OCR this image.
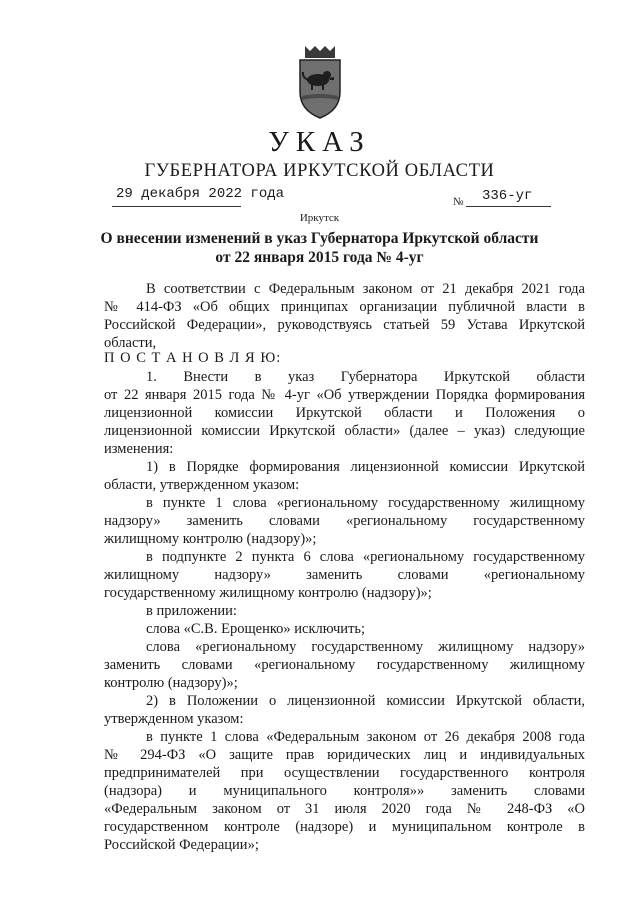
УКАЗ
ГУБЕРНАТОРА ИРКУТСКОЙ ОБЛАСТИ
29 декабря 2022 года	№ 336-уг
Иркутск
О внесении изменений в указ Губернатора Иркутской области
от 22 января 2015 года № 4-уг
В соответствии с Федеральным законом от 21 декабря 2021 года
№ 414-ФЗ «Об общих принципах организации публичной власти в
Российской Федерации», руководствуясь статьей 59 Устава Иркутской
области,
П О С Т А Н О В Л Я Ю:
1. Внести в указ Губернатора Иркутской области
от 22 января 2015 года № 4-уг «Об утверждении Порядка формирования
лицензионной комиссии Иркутской области и Положения о
лицензионной комиссии Иркутской области» (далее – указ) следующие
изменения:
1) в Порядке формирования лицензионной комиссии Иркутской
области, утвержденном указом:
в пункте 1 слова «региональному государственному жилищному
надзору» заменить словами «региональному государственному
жилищному контролю (надзору)»;
в подпункте 2 пункта 6 слова «региональному государственному
жилищному надзору» заменить словами «региональному
государственному жилищному контролю (надзору)»;
в приложении:
слова «С.В. Ерощенко» исключить;
слова «региональному государственному жилищному надзору»
заменить словами «региональному государственному жилищному
контролю (надзору)»;
2) в Положении о лицензионной комиссии Иркутской области,
утвержденном указом:
в пункте 1 слова «Федеральным законом от 26 декабря 2008 года
№ 294-ФЗ «О защите прав юридических лиц и индивидуальных
предпринимателей при осуществлении государственного контроля
(надзора) и муниципального контроля»» заменить словами
«Федеральным законом от 31 июля 2020 года № 248-ФЗ «О
государственном контроле (надзоре) и муниципальном контроле в
Российской Федерации»;
